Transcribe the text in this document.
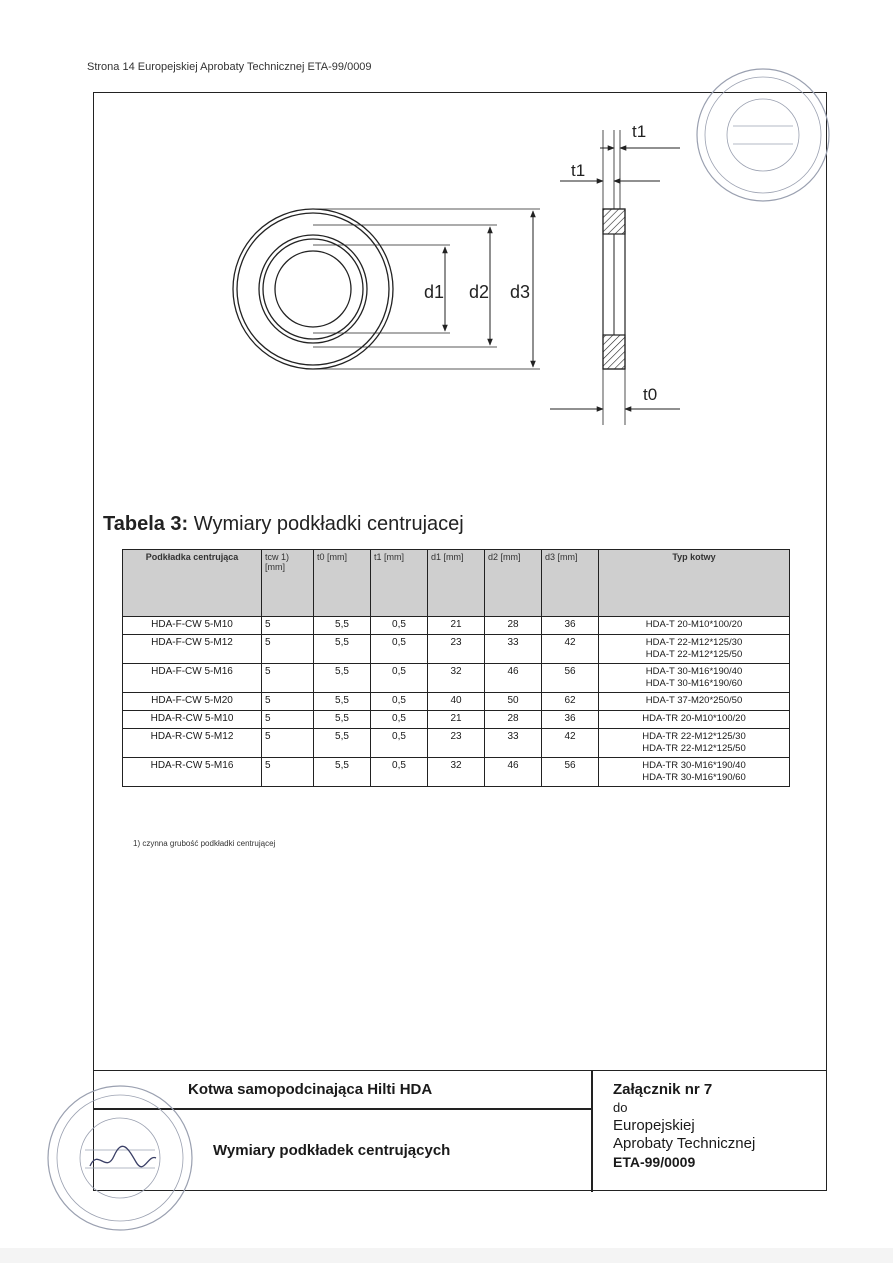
Strona 14 Europejskiej Aprobaty Technicznej ETA-99/0009
d1 d2 d3
t1
t1
t0
Tabela 3: Wymiary podkładki centrujacej
Podkładka centrująca	tcw 1) [mm]	t0 [mm]	t1 [mm]	d1 [mm]	d2 [mm]	d3 [mm]	Typ kotwy
HDA-F-CW 5-M10	5	5,5	0,5	21	28	36	HDA-T 20-M10*100/20

HDA-F-CW 5-M12	5	5,5	0,5	23	33	42	HDA-T 22-M12*125/30
HDA-T 22-M12*125/50

HDA-F-CW 5-M16	5	5,5	0,5	32	46	56	HDA-T 30-M16*190/40
HDA-T 30-M16*190/60

HDA-F-CW 5-M20	5	5,5	0,5	40	50	62	HDA-T 37-M20*250/50

HDA-R-CW 5-M10	5	5,5	0,5	21	28	36	HDA-TR 20-M10*100/20

HDA-R-CW 5-M12	5	5,5	0,5	23	33	42	HDA-TR 22-M12*125/30
HDA-TR 22-M12*125/50

HDA-R-CW 5-M16	5	5,5	0,5	32	46	56	HDA-TR 30-M16*190/40
HDA-TR 30-M16*190/60
1) czynna grubość podkładki centrującej
Kotwa samopodcinająca Hilti HDA
Wymiary podkładek centrujących
Załącznik nr 7
do
Europejskiej
Aprobaty Technicznej
ETA-99/0009
